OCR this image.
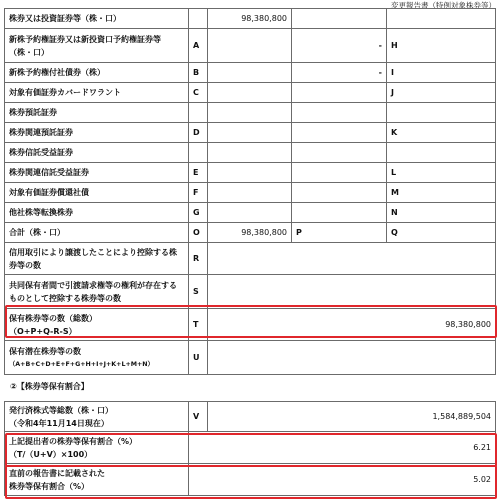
変更報告書（特例対象株券等）
株券又は投資証券等（株・口）		98,380,800		
新株予約権証券又は新投資口予約権証券等（株・口）	A		-	H
新株予約権付社債券（株）	B		-	I
対象有価証券カバードワラント	C			J
株券預託証券				
株券関連預託証券	D			K
株券信託受益証券				
株券関連信託受益証券	E			L
対象有価証券償還社債	F			M
他社株等転換株券	G			N
合計（株・口）	O	98,380,800	P	Q
信用取引により譲渡したことにより控除する株券等の数	R			
共同保有者間で引渡請求権等の権利が存在するものとして控除する株券等の数	S			

保有株券等の数（総数）
（O+P+Q-R-S）	T	98,380,800		

保有潜在株券等の数
（A+B+C+D+E+F+G+H+I+J+K+L+M+N）	U			
②【株券等保有割合】
発行済株式等総数（株・口）
（令和4年11月14日現在）	V	1,584,889,504

上記提出者の株券等保有割合（%）
（T/（U+V）×100）	6.21	

直前の報告書に記載された
株券等保有割合（%）	5.02	
